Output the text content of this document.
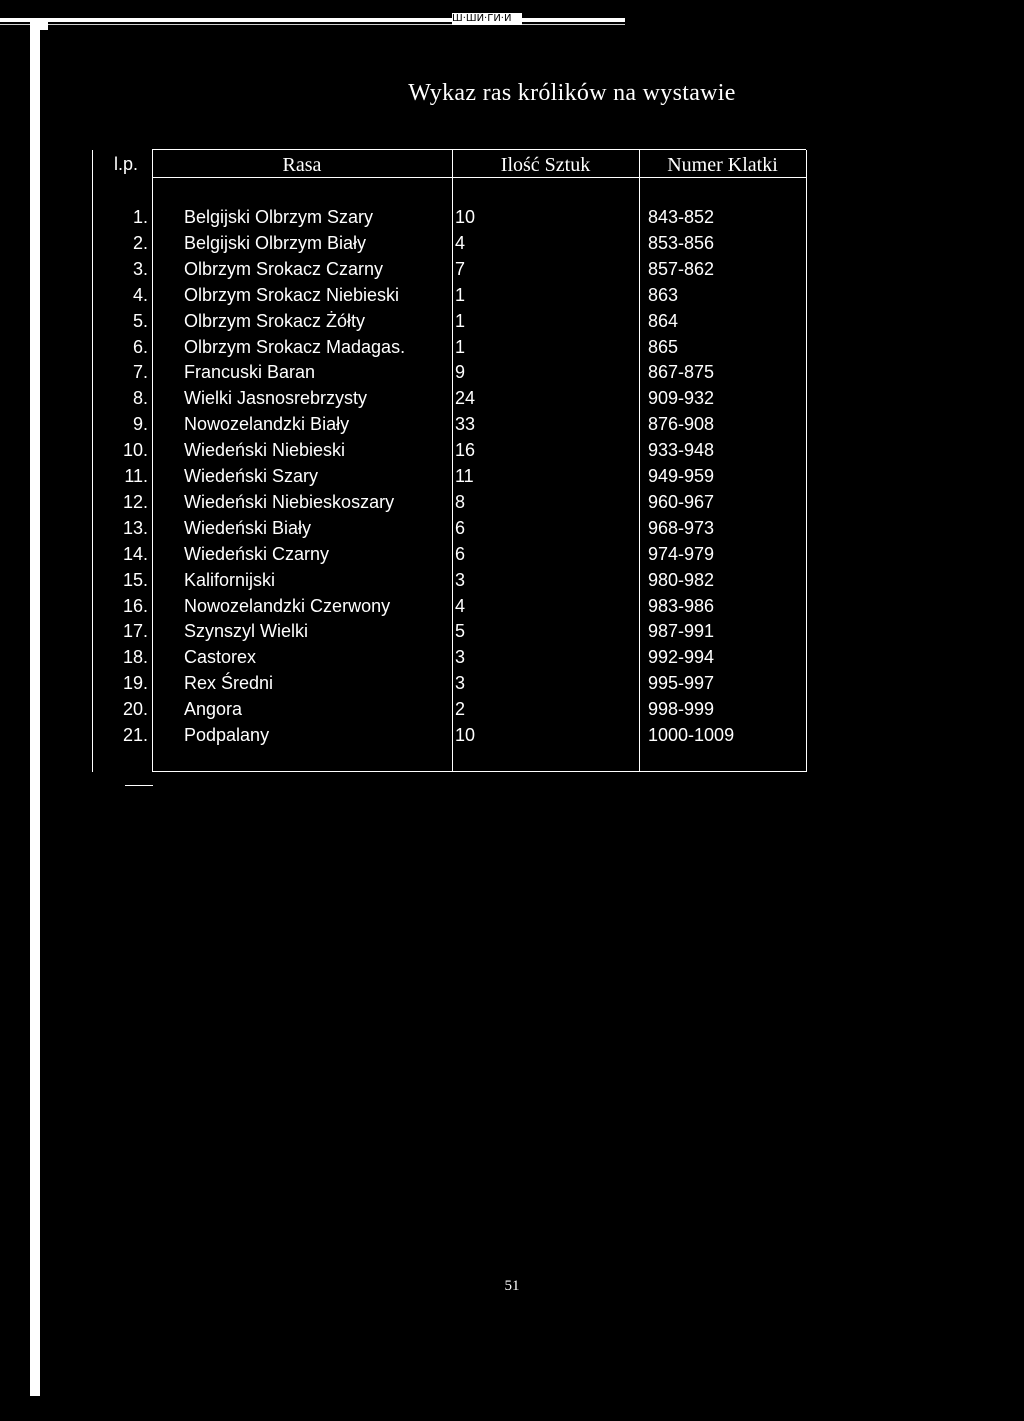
Ш·ШЙ·ГИ·И
Wykaz ras królików na wystawie
l.p.	Rasa	Ilość Sztuk	Numer Klatki
1. Belgijski Olbrzym Szary	10	843-852
2. Belgijski Olbrzym Biały	4	853-856
3. Olbrzym Srokacz Czarny	7	857-862
4. Olbrzym Srokacz Niebieski	1	863
5. Olbrzym Srokacz Żółty	1	864
6. Olbrzym Srokacz Madagas.	1	865
7. Francuski Baran	9	867-875
8. Wielki Jasnosrebrzysty	24	909-932
9. Nowozelandzki Biały	33	876-908
10. Wiedeński Niebieski	16	933-948
11. Wiedeński Szary	11	949-959
12. Wiedeński Niebieskoszary	8	960-967
13. Wiedeński Biały	6	968-973
14. Wiedeński Czarny	6	974-979
15. Kalifornijski	3	980-982
16. Nowozelandzki Czerwony	4	983-986
17. Szynszyl Wielki	5	987-991
18. Castorex	3	992-994
19. Rex Średni	3	995-997
20. Angora	2	998-999
21. Podpalany	10	1000-1009
51
